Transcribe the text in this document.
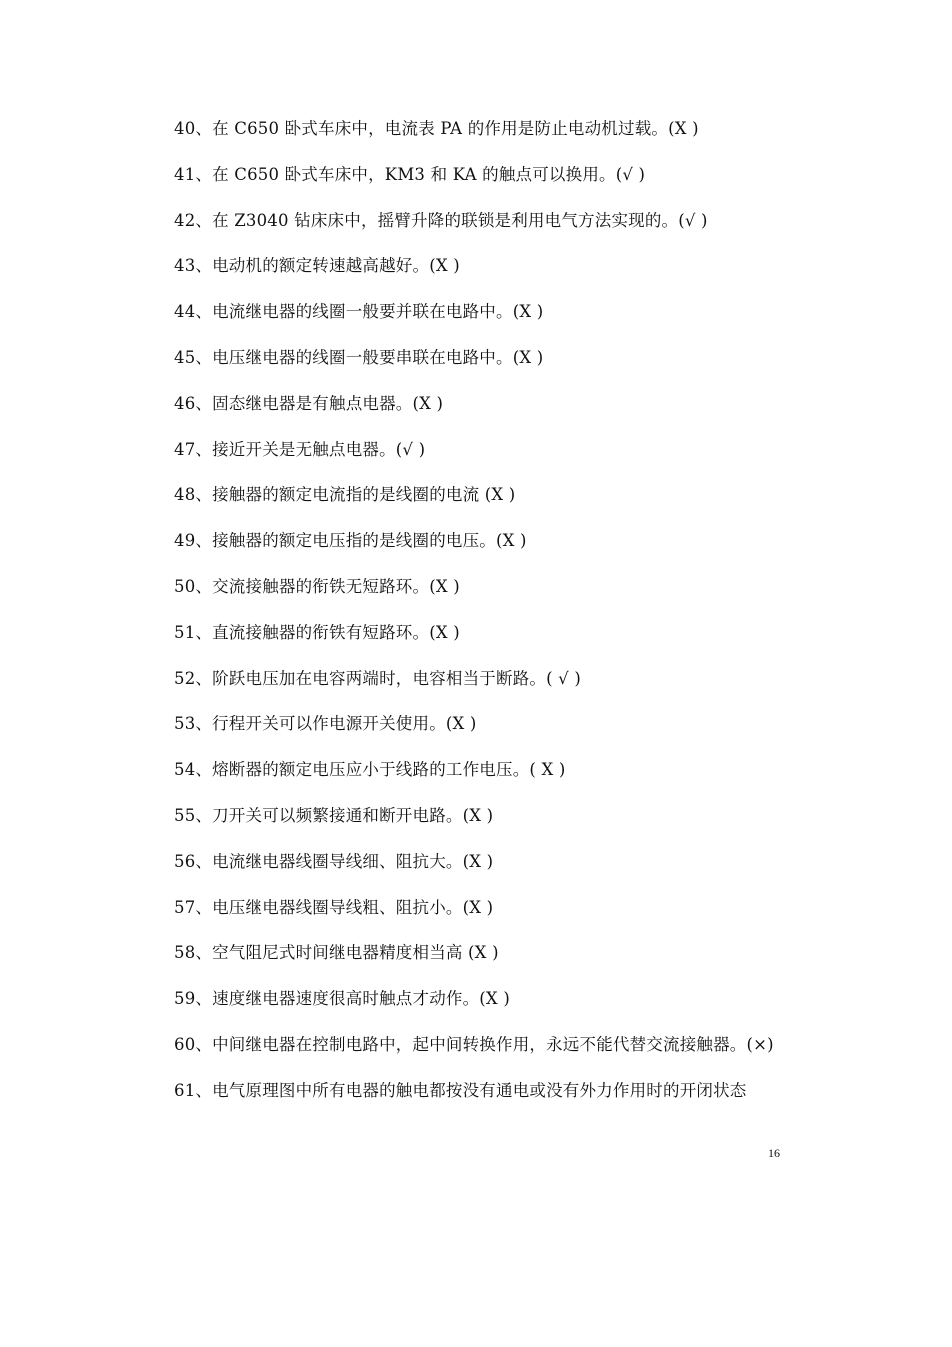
40、在 C650 卧式车床中，电流表 PA 的作用是防止电动机过载。(X )
41、在 C650 卧式车床中，KM3 和 KA 的触点可以换用。(√ )
42、在 Z3040 钻床床中，摇臂升降的联锁是利用电气方法实现的。(√ )
43、电动机的额定转速越高越好。(X )
44、电流继电器的线圈一般要并联在电路中。(X )
45、电压继电器的线圈一般要串联在电路中。(X )
46、固态继电器是有触点电器。(X )
47、接近开关是无触点电器。(√ )
48、接触器的额定电流指的是线圈的电流 (X )
49、接触器的额定电压指的是线圈的电压。(X )
50、交流接触器的衔铁无短路环。(X )
51、直流接触器的衔铁有短路环。(X )
52、阶跃电压加在电容两端时，电容相当于断路。( √ )
53、行程开关可以作电源开关使用。(X )
54、熔断器的额定电压应小于线路的工作电压。( X )
55、刀开关可以频繁接通和断开电路。(X )
56、电流继电器线圈导线细、阻抗大。(X )
57、电压继电器线圈导线粗、阻抗小。(X )
58、空气阻尼式时间继电器精度相当高 (X )
59、速度继电器速度很高时触点才动作。(X )
60、中间继电器在控制电路中，起中间转换作用，永远不能代替交流接触器。(×)
61、电气原理图中所有电器的触电都按没有通电或没有外力作用时的开闭状态
16
